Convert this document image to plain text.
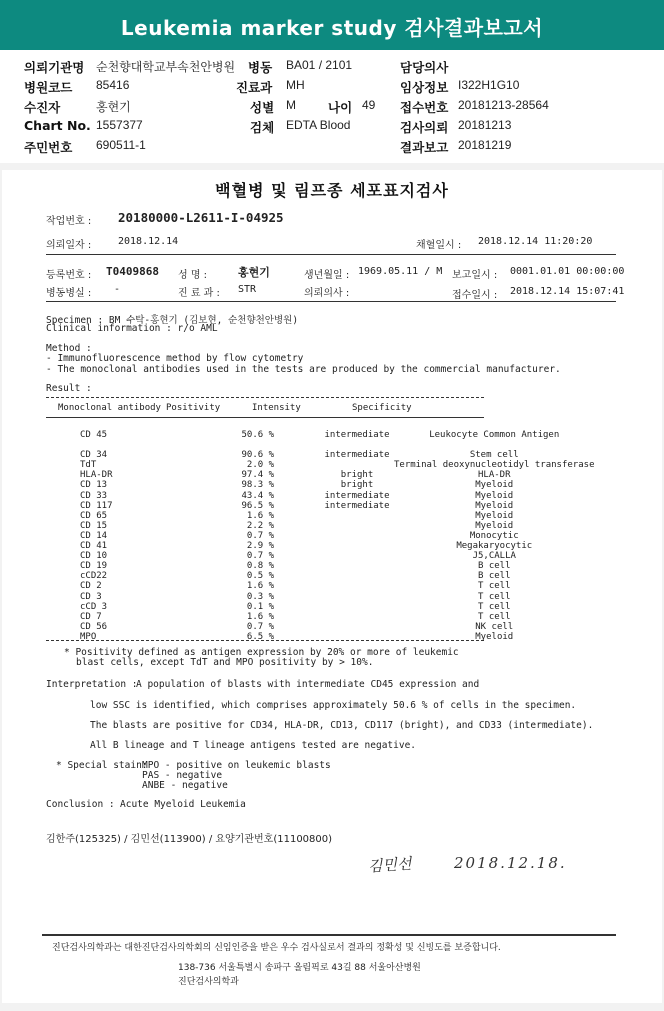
Leukemia marker study 검사결과보고서
의뢰기관명 순천향대학교부속천안병원
병원코드 85416
수진자	홍현기
Chart No. 1557377
주민번호 690511-1
병동 BA01 / 2101
진료과 MH
성별 M	나이 49
검체 EDTA Blood
담당의사
임상정보 I322H1G10
접수번호 20181213-28564
검사의뢰 20181213
결과보고 20181219
백혈병 및 림프종 세포표지검사
작업번호 : 20180000-L2611-I-04925
의뢰일자 :	2018.12.14	채혈일시 : 2018.12.14 11:20:20
등록번호 : T0409868 성 명 :	홍현기	생년월일 : 1969.05.11 / M 보고일시 : 0001.01.01 00:00:00
병동병실 : -	진 료 과 : STR	의뢰의사 :	접수일시 : 2018.12.14 15:07:41
Specimen : BM 수탁-홍현기 (김보현, 순천향천안병원)
Clinical information : r/o AML
Method :
- Immunofluorescence method by flow cytometry
- The monoclonal antibodies used in the tests are produced by the commercial manufacturer.
Result :
Monoclonal antibody Positivity	Intensity	Specificity
CD 45	50.6 %	intermediate	Leukocyte Common Antigen

CD 34	90.6 %	intermediate	Stem cell
TdT	2.0 %		Terminal deoxynucleotidyl transferase
HLA-DR	97.4 %	bright	HLA-DR
CD 13	98.3 %	bright	Myeloid
CD 33	43.4 %	intermediate	Myeloid
CD 117	96.5 %	intermediate	Myeloid
CD 65	1.6 %		Myeloid
CD 15	2.2 %		Myeloid
CD 14	0.7 %		Monocytic
CD 41	2.9 %		Megakaryocytic
CD 10	0.7 %		J5,CALLA
CD 19	0.8 %		B cell
cCD22	0.5 %		B cell
CD 2	1.6 %		T cell
CD 3	0.3 %		T cell
cCD 3	0.1 %		T cell
CD 7	1.6 %		T cell
CD 56	0.7 %		NK cell
MPO	6.5 %		Myeloid
* Positivity defined as antigen expression by 20% or more of leukemic
blast cells, except TdT and MPO positivity by > 10%.
Interpretation :
A population of blasts with intermediate CD45 expression and
low SSC is identified, which comprises approximately 50.6 % of cells in the specimen.
The blasts are positive for CD34, HLA-DR, CD13, CD117 (bright), and CD33 (intermediate).
All B lineage and T lineage antigens tested are negative.
* Special stain:
MPO - positive on leukemic blasts
PAS - negative
ANBE - negative
Conclusion : Acute Myeloid Leukemia
김한주(125325) / 김민선(113900) / 요양기관번호(11100800)
김민선	2018.12.18.
진단검사의학과는 대한진단검사의학회의 신임인증을 받은 우수 검사실로서 결과의 정확성 및 신빙도를 보증합니다.
138-736 서울특별시 송파구 올림픽로 43길 88 서울아산병원
진단검사의학과
